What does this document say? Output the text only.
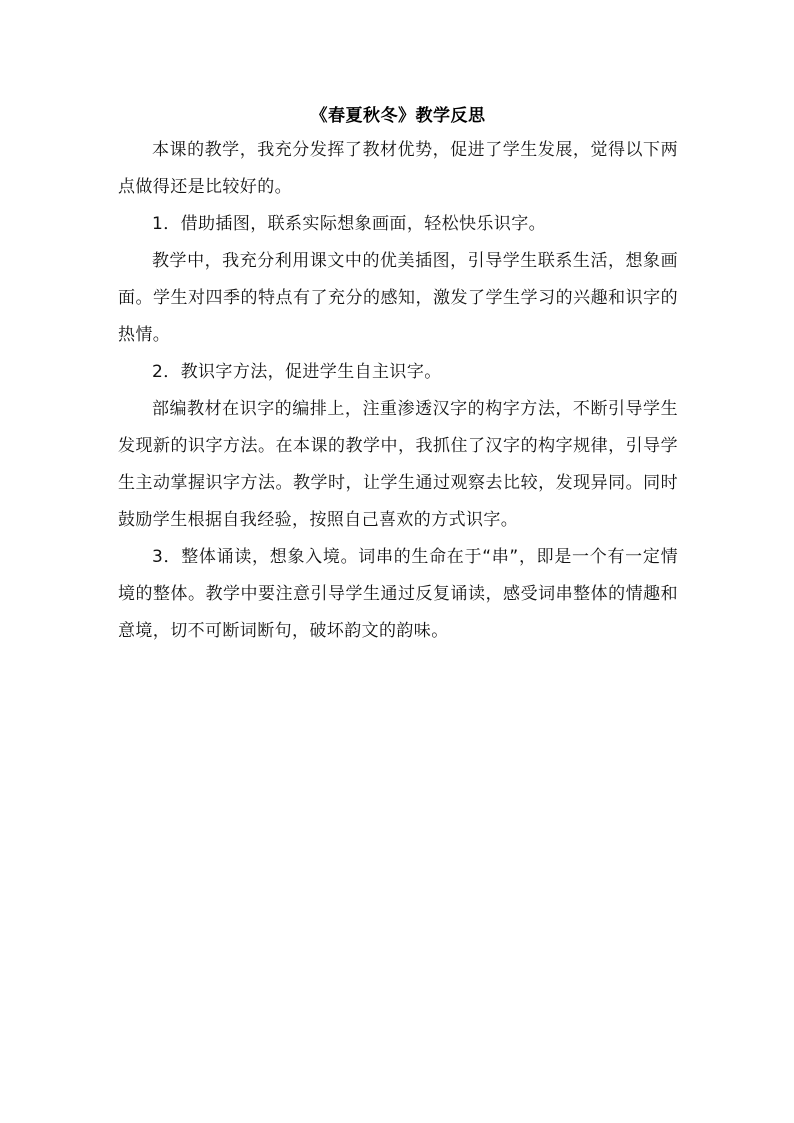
《春夏秋冬》教学反思

本课的教学，我充分发挥了教材优势，促进了学生发展，觉得以下两点做得还是比较好的。

1．借助插图，联系实际想象画面，轻松快乐识字。

教学中，我充分利用课文中的优美插图，引导学生联系生活，想象画面。学生对四季的特点有了充分的感知，激发了学生学习的兴趣和识字的热情。

2．教识字方法，促进学生自主识字。

部编教材在识字的编排上，注重渗透汉字的构字方法，不断引导学生发现新的识字方法。在本课的教学中，我抓住了汉字的构字规律，引导学生主动掌握识字方法。教学时，让学生通过观察去比较，发现异同。同时鼓励学生根据自我经验，按照自己喜欢的方式识字。

3．整体诵读，想象入境。词串的生命在于“串”，即是一个有一定情境的整体。教学中要注意引导学生通过反复诵读，感受词串整体的情趣和意境，切不可断词断句，破坏韵文的韵味。
